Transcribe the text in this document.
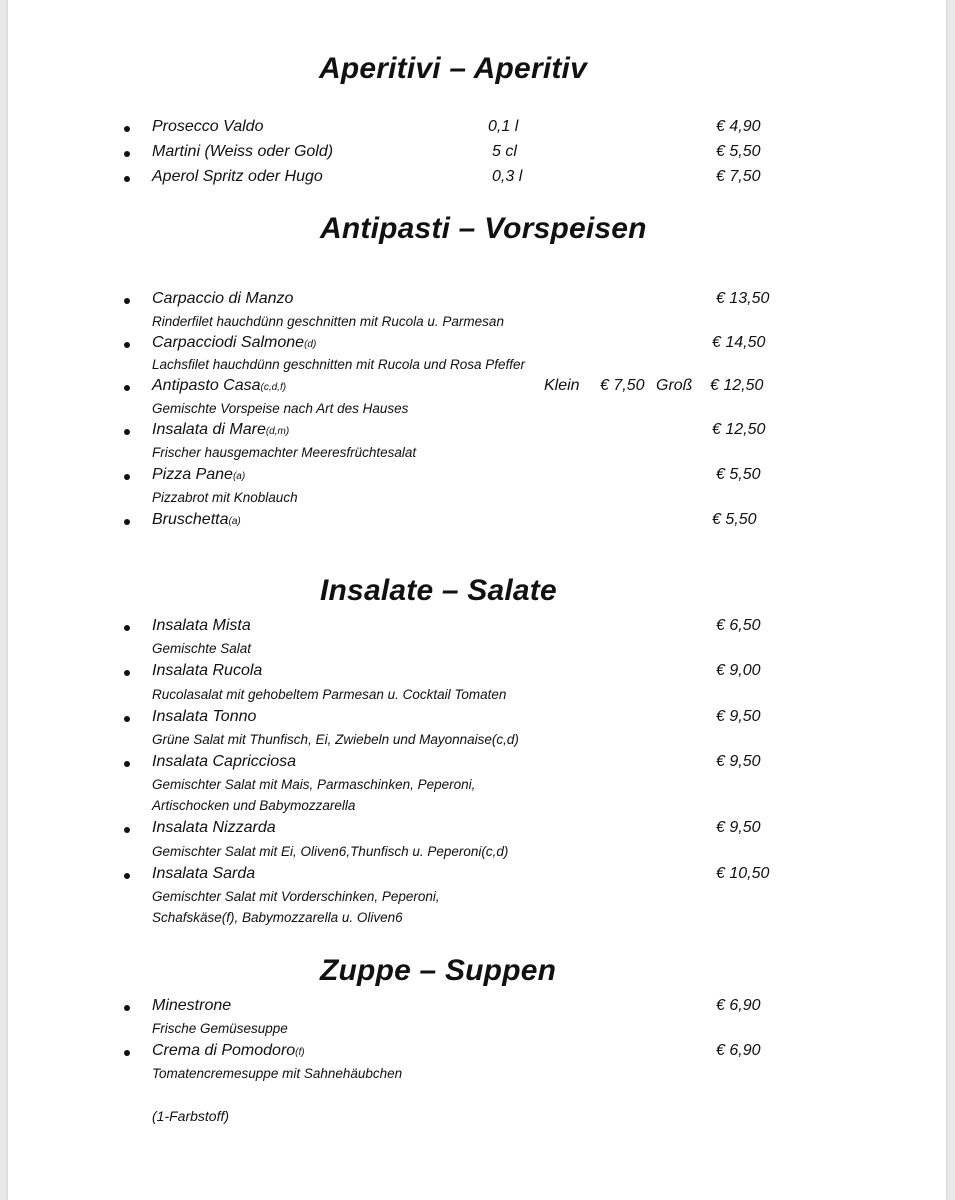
Aperitivi – Aperitiv
Prosecco Valdo	0,1 l	€ 4,90
Martini (Weiss oder Gold)	5 cl	€ 5,50
Aperol Spritz oder Hugo	0,3 l	€ 7,50
Antipasti – Vorspeisen
Carpaccio di Manzo	€ 13,50
Rinderfilet hauchdünn geschnitten mit Rucola u. Parmesan
Carpacciodi Salmone(d)	€ 14,50
Lachsfilet hauchdünn geschnitten mit Rucola und Rosa Pfeffer
Antipasto Casa(c,d,f)	Klein € 7,50 Groß € 12,50
Gemischte Vorspeise nach Art des Hauses
Insalata di Mare(d,m)	€ 12,50
Frischer hausgemachter Meeresfrüchtesalat
Pizza Pane(a)	€ 5,50
Pizzabrot mit Knoblauch
Bruschetta(a)	€ 5,50
Insalate – Salate
Insalata Mista	€ 6,50
Gemischte Salat
Insalata Rucola	€ 9,00
Rucolasalat mit gehobeltem Parmesan u. Cocktail Tomaten
Insalata Tonno	€ 9,50
Grüne Salat mit Thunfisch, Ei, Zwiebeln und Mayonnaise(c,d)
Insalata Capricciosa	€ 9,50
Gemischter Salat mit Mais, Parmaschinken, Peperoni,
Artischocken und Babymozzarella
Insalata Nizzarda	€ 9,50
Gemischter Salat mit Ei, Oliven6,Thunfisch u. Peperoni(c,d)
Insalata Sarda	€ 10,50
Gemischter Salat mit Vorderschinken, Peperoni,
Schafskäse(f), Babymozzarella u. Oliven6
Zuppe – Suppen
Minestrone	€ 6,90
Frische Gemüsesuppe
Crema di Pomodoro(f)	€ 6,90
Tomatencremesuppe mit Sahnehäubchen
(1-Farbstoff)
